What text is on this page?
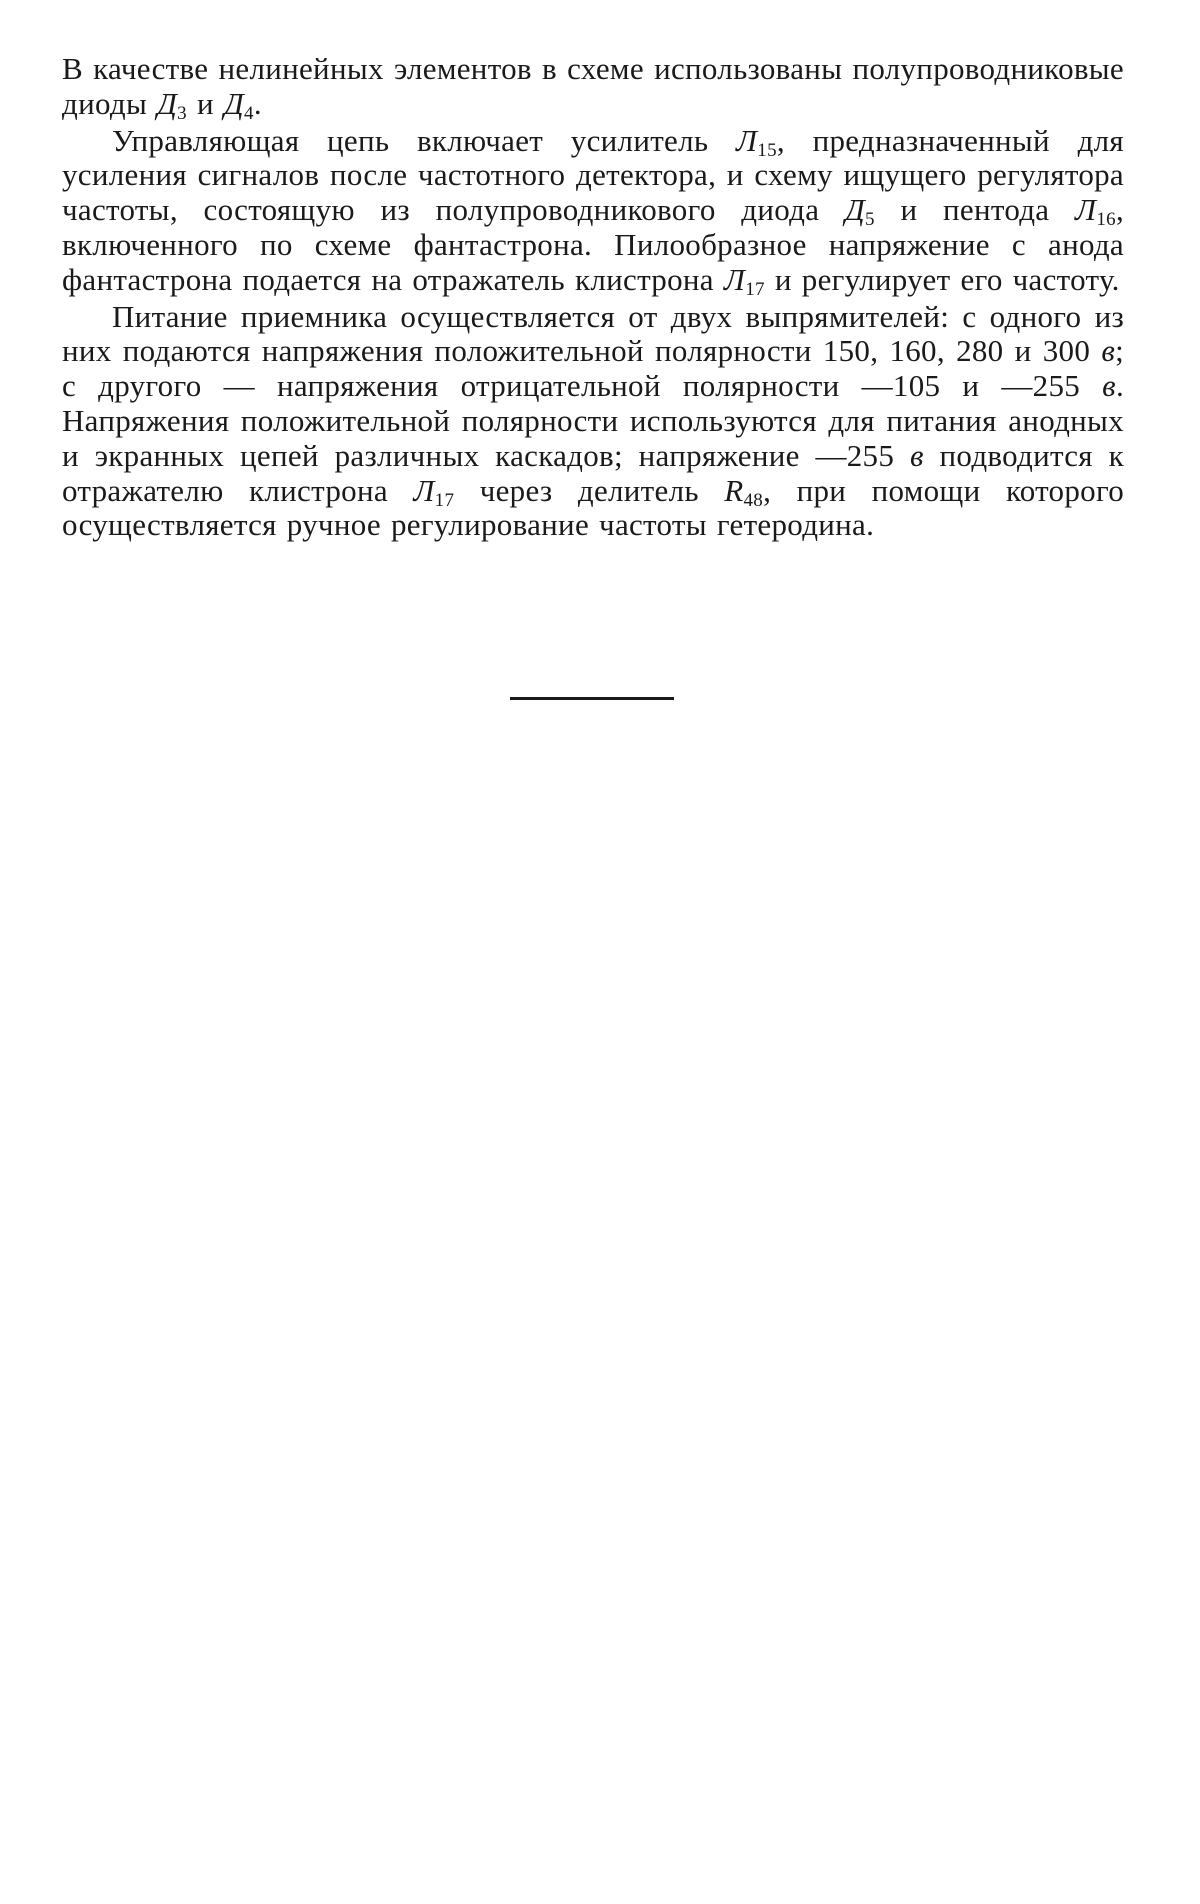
В качестве нелинейных элементов в схеме использованы полупроводниковые диоды $Д_3$ и $Д_4$.

Управляющая цепь включает усилитель $Л_{15}$, предназначенный для усиления сигналов после частотного детектора, и схему ищущего регулятора частоты, состоящую из полупроводникового диода $Д_5$ и пентода $Л_{16}$, включенного по схеме фантастрона. Пилообразное напряжение с анода фантастрона подается на отражатель клистрона $Л_{17}$ и регулирует его частоту.

Питание приемника осуществляется от двух выпрямителей: с одного из них подаются напряжения положительной полярности 150, 160, 280 и 300 в; с другого — напряжения отрицательной полярности —105 и —255 в. Напряжения положительной полярности используются для питания анодных и экранных цепей различных каскадов; напряжение —255 в подводится к отражателю клистрона $Л_{17}$ через делитель $R_{48}$, при помощи которого осуществляется ручное регулирование частоты гетеродина.
